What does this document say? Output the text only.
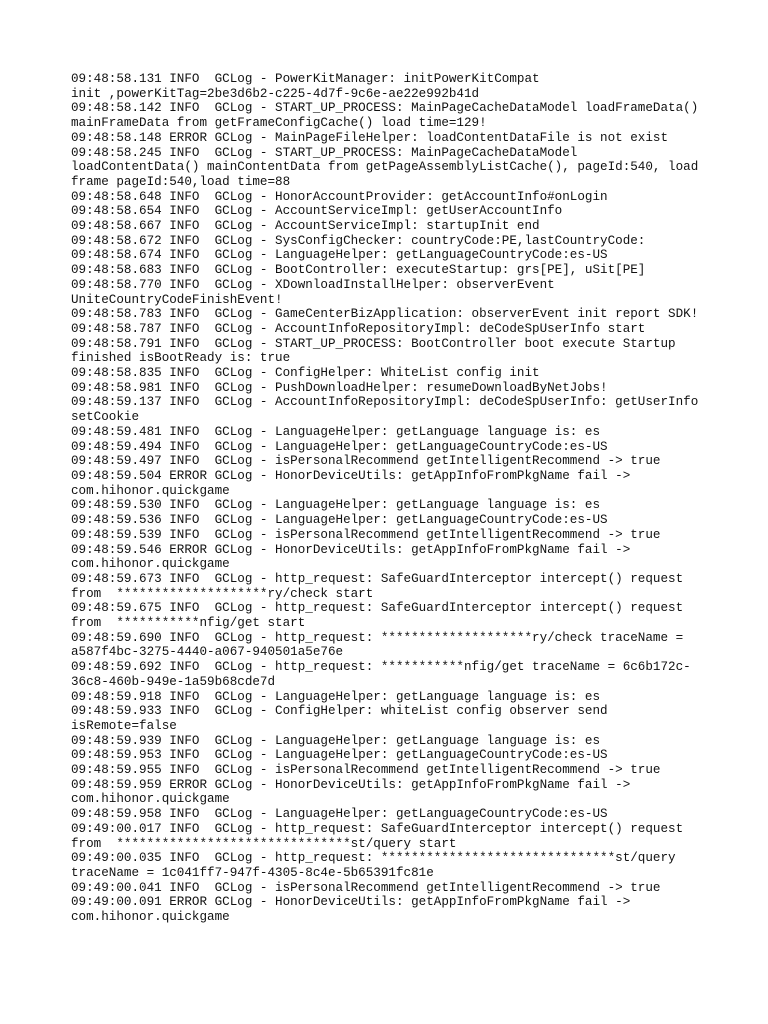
09:48:58.131 INFO  GCLog - PowerKitManager: initPowerKitCompat
init ,powerKitTag=2be3d6b2-c225-4d7f-9c6e-ae22e992b41d
09:48:58.142 INFO  GCLog - START_UP_PROCESS: MainPageCacheDataModel loadFrameData()
mainFrameData from getFrameConfigCache() load time=129!
09:48:58.148 ERROR GCLog - MainPageFileHelper: loadContentDataFile is not exist
09:48:58.245 INFO  GCLog - START_UP_PROCESS: MainPageCacheDataModel
loadContentData() mainContentData from getPageAssemblyListCache(), pageId:540, load
frame pageId:540,load time=88
09:48:58.648 INFO  GCLog - HonorAccountProvider: getAccountInfo#onLogin
09:48:58.654 INFO  GCLog - AccountServiceImpl: getUserAccountInfo
09:48:58.667 INFO  GCLog - AccountServiceImpl: startupInit end
09:48:58.672 INFO  GCLog - SysConfigChecker: countryCode:PE,lastCountryCode:
09:48:58.674 INFO  GCLog - LanguageHelper: getLanguageCountryCode:es-US
09:48:58.683 INFO  GCLog - BootController: executeStartup: grs[PE], uSit[PE]
09:48:58.770 INFO  GCLog - XDownloadInstallHelper: observerEvent
UniteCountryCodeFinishEvent!
09:48:58.783 INFO  GCLog - GameCenterBizApplication: observerEvent init report SDK!
09:48:58.787 INFO  GCLog - AccountInfoRepositoryImpl: deCodeSpUserInfo start
09:48:58.791 INFO  GCLog - START_UP_PROCESS: BootController boot execute Startup
finished isBootReady is: true
09:48:58.835 INFO  GCLog - ConfigHelper: WhiteList config init
09:48:58.981 INFO  GCLog - PushDownloadHelper: resumeDownloadByNetJobs!
09:48:59.137 INFO  GCLog - AccountInfoRepositoryImpl: deCodeSpUserInfo: getUserInfo
setCookie
09:48:59.481 INFO  GCLog - LanguageHelper: getLanguage language is: es
09:48:59.494 INFO  GCLog - LanguageHelper: getLanguageCountryCode:es-US
09:48:59.497 INFO  GCLog - isPersonalRecommend getIntelligentRecommend -> true
09:48:59.504 ERROR GCLog - HonorDeviceUtils: getAppInfoFromPkgName fail ->
com.hihonor.quickgame
09:48:59.530 INFO  GCLog - LanguageHelper: getLanguage language is: es
09:48:59.536 INFO  GCLog - LanguageHelper: getLanguageCountryCode:es-US
09:48:59.539 INFO  GCLog - isPersonalRecommend getIntelligentRecommend -> true
09:48:59.546 ERROR GCLog - HonorDeviceUtils: getAppInfoFromPkgName fail ->
com.hihonor.quickgame
09:48:59.673 INFO  GCLog - http_request: SafeGuardInterceptor intercept() request
from  ********************ry/check start
09:48:59.675 INFO  GCLog - http_request: SafeGuardInterceptor intercept() request
from  ***********nfig/get start
09:48:59.690 INFO  GCLog - http_request: ********************ry/check traceName =
a587f4bc-3275-4440-a067-940501a5e76e
09:48:59.692 INFO  GCLog - http_request: ***********nfig/get traceName = 6c6b172c-
36c8-460b-949e-1a59b68cde7d
09:48:59.918 INFO  GCLog - LanguageHelper: getLanguage language is: es
09:48:59.933 INFO  GCLog - ConfigHelper: whiteList config observer send
isRemote=false
09:48:59.939 INFO  GCLog - LanguageHelper: getLanguage language is: es
09:48:59.953 INFO  GCLog - LanguageHelper: getLanguageCountryCode:es-US
09:48:59.955 INFO  GCLog - isPersonalRecommend getIntelligentRecommend -> true
09:48:59.959 ERROR GCLog - HonorDeviceUtils: getAppInfoFromPkgName fail ->
com.hihonor.quickgame
09:48:59.958 INFO  GCLog - LanguageHelper: getLanguageCountryCode:es-US
09:49:00.017 INFO  GCLog - http_request: SafeGuardInterceptor intercept() request
from  *******************************st/query start
09:49:00.035 INFO  GCLog - http_request: *******************************st/query
traceName = 1c041ff7-947f-4305-8c4e-5b65391fc81e
09:49:00.041 INFO  GCLog - isPersonalRecommend getIntelligentRecommend -> true
09:49:00.091 ERROR GCLog - HonorDeviceUtils: getAppInfoFromPkgName fail ->
com.hihonor.quickgame
